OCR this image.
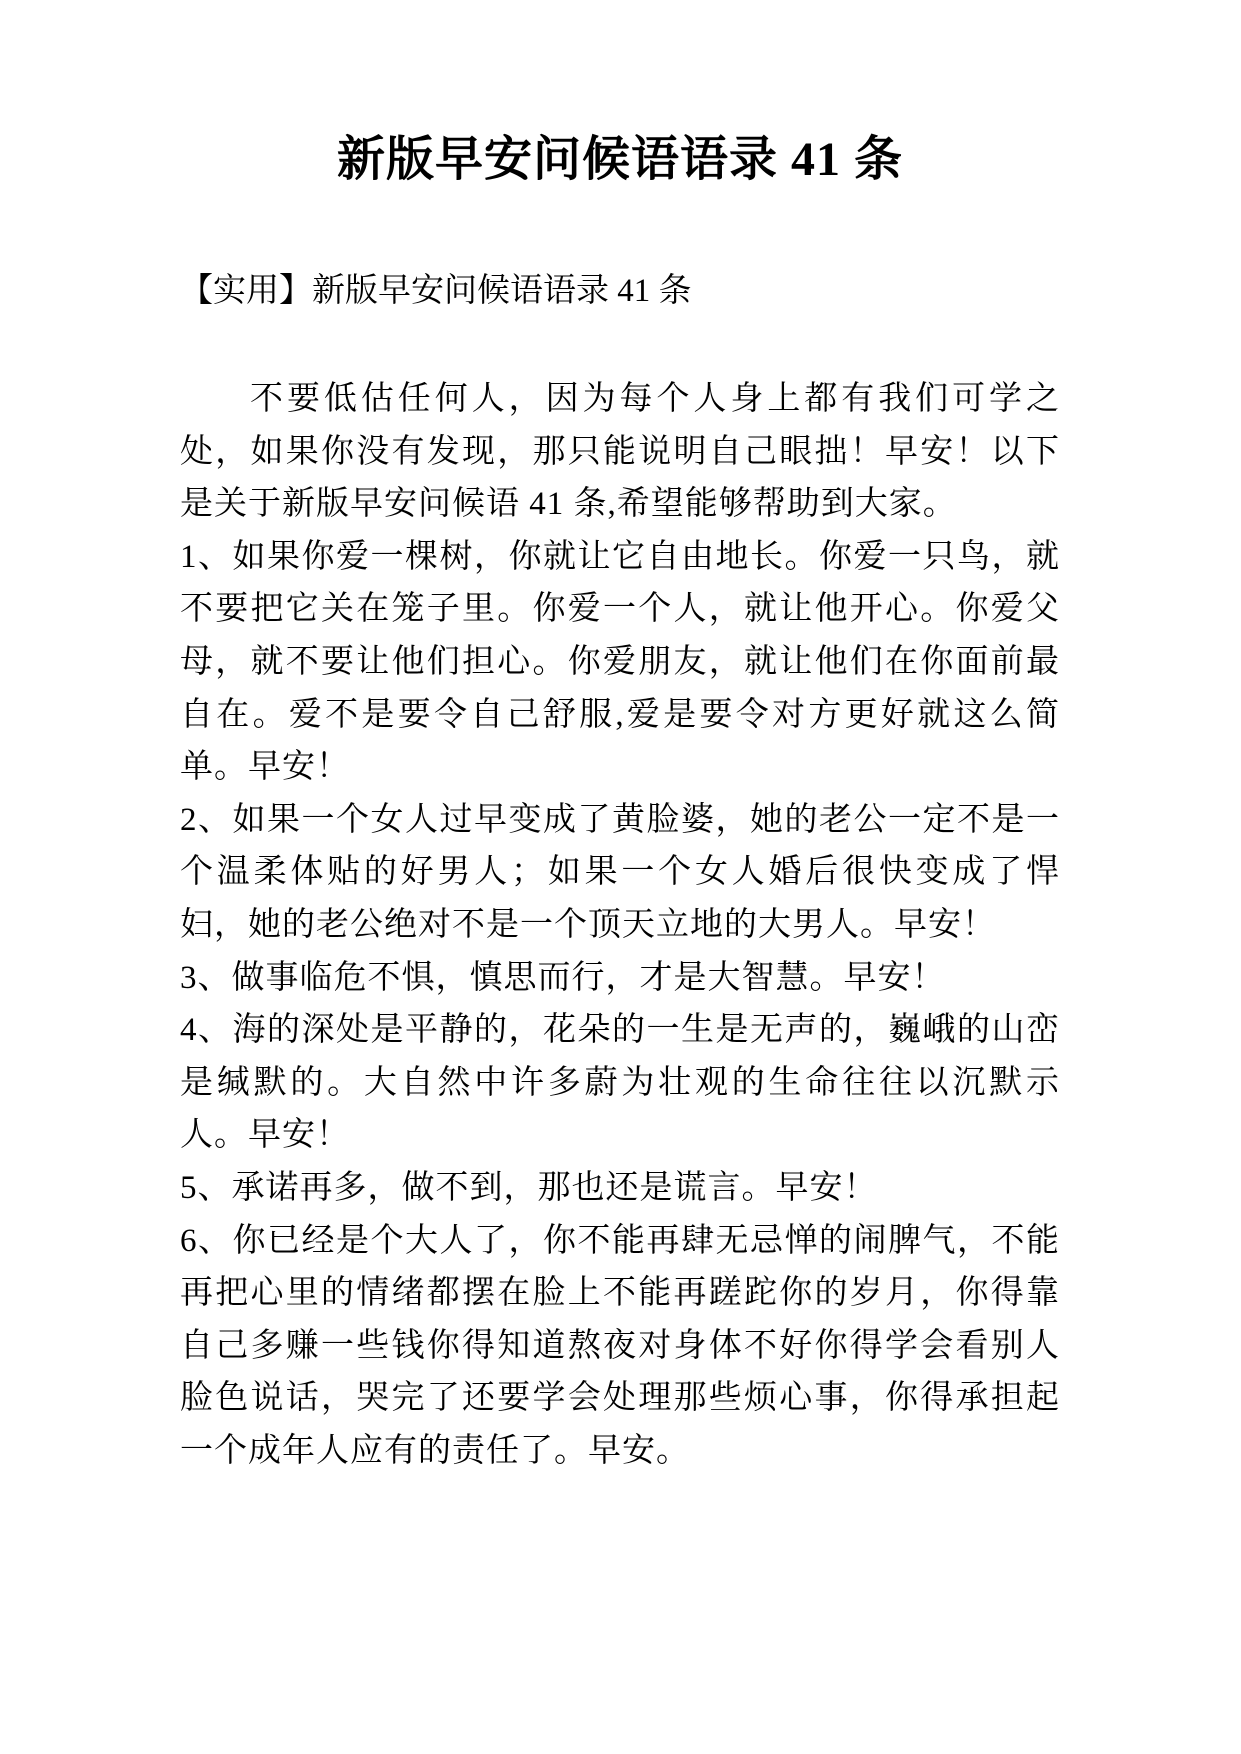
新版早安问候语语录 41 条

【实用】新版早安问候语语录 41 条

不要低估任何人，因为每个人身上都有我们可学之处，如果你没有发现，那只能说明自己眼拙！早安！以下是关于新版早安问候语 41 条,希望能够帮助到大家。

1、如果你爱一棵树，你就让它自由地长。你爱一只鸟，就不要把它关在笼子里。你爱一个人，就让他开心。你爱父母，就不要让他们担心。你爱朋友，就让他们在你面前最自在。爱不是要令自己舒服,爱是要令对方更好就这么简单。早安！

2、如果一个女人过早变成了黄脸婆，她的老公一定不是一个温柔体贴的好男人；如果一个女人婚后很快变成了悍妇，她的老公绝对不是一个顶天立地的大男人。早安！

3、做事临危不惧，慎思而行，才是大智慧。早安！

4、海的深处是平静的，花朵的一生是无声的，巍峨的山峦是缄默的。大自然中许多蔚为壮观的生命往往以沉默示人。早安！

5、承诺再多，做不到，那也还是谎言。早安！

6、你已经是个大人了，你不能再肆无忌惮的闹脾气，不能再把心里的情绪都摆在脸上不能再蹉跎你的岁月，你得靠自己多赚一些钱你得知道熬夜对身体不好你得学会看别人脸色说话，哭完了还要学会处理那些烦心事，你得承担起一个成年人应有的责任了。早安。
